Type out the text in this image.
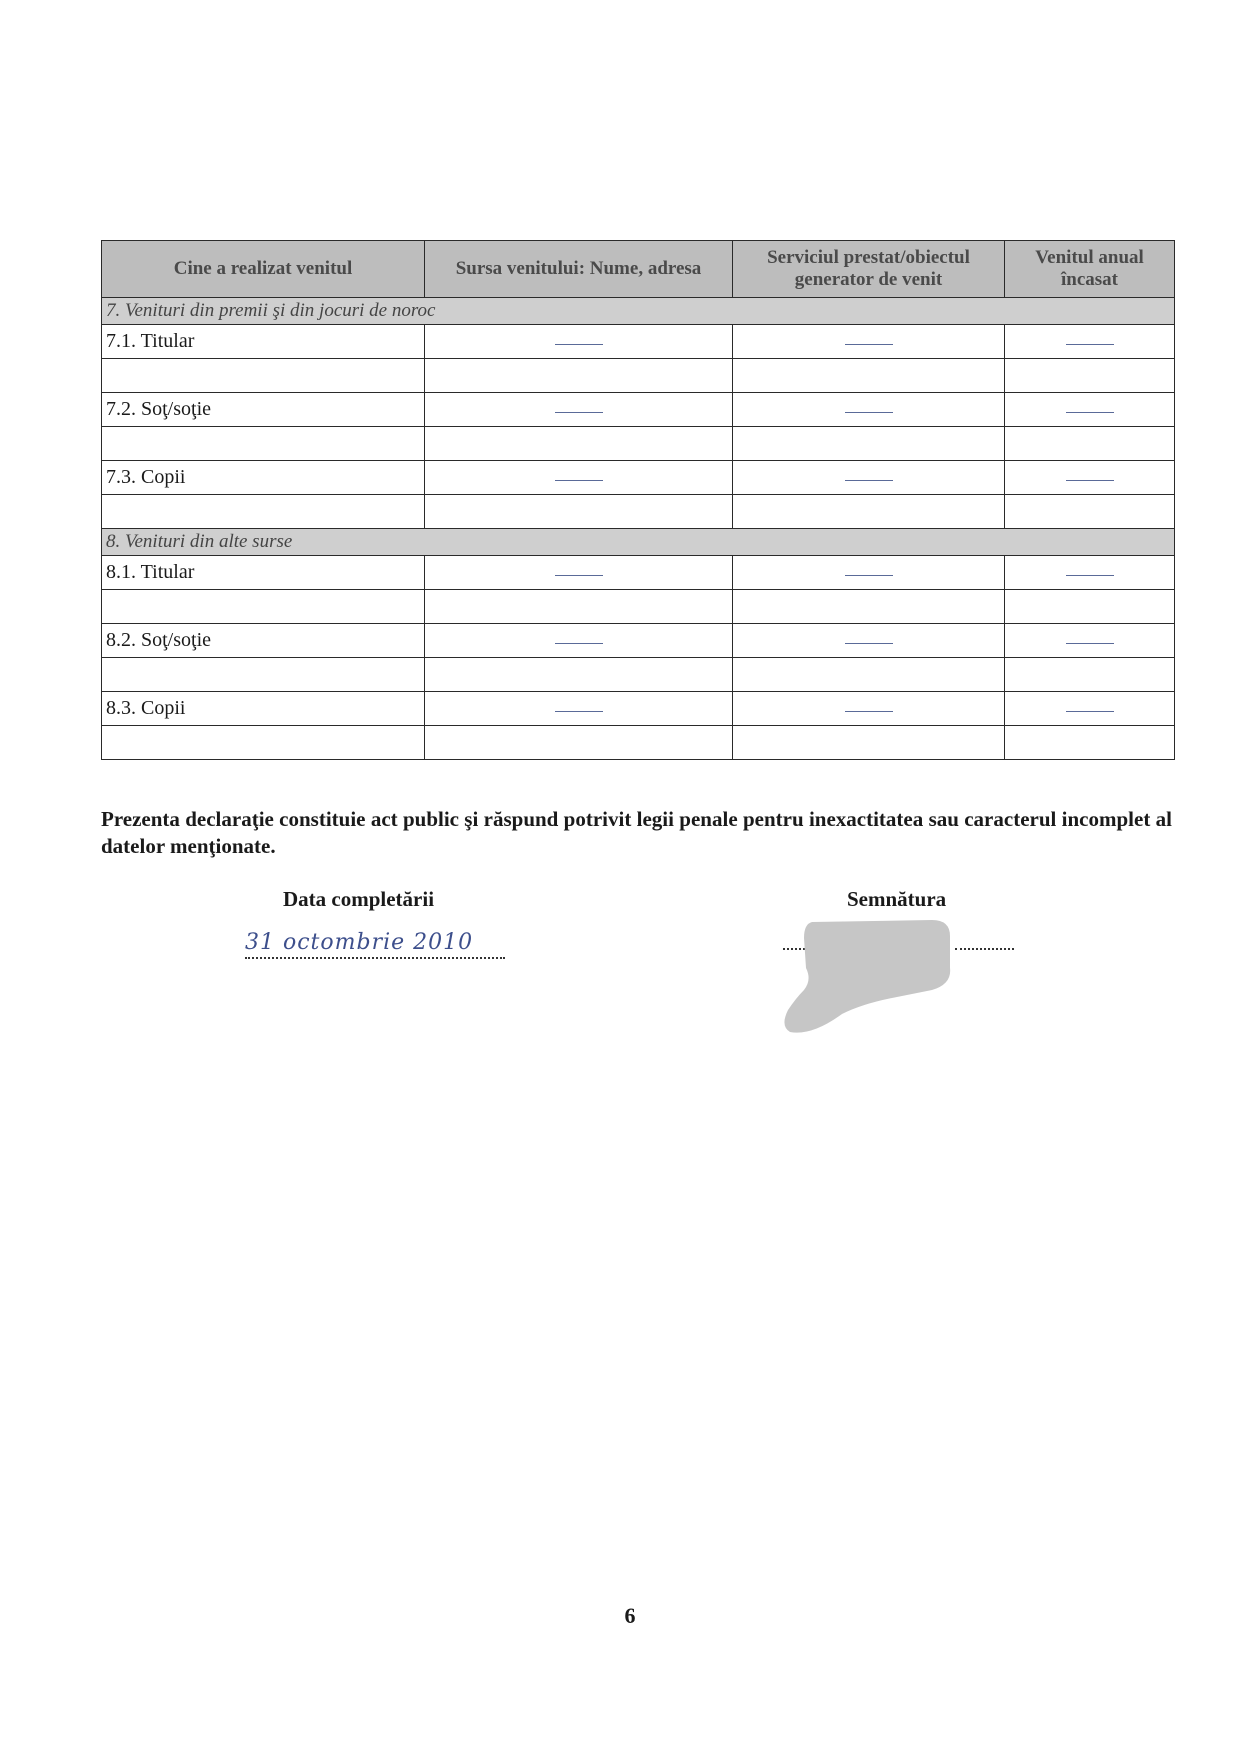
Cine a realizat venitul	Sursa venitului: Nume, adresa	Serviciul prestat/obiectul generator de venit	Venitul anual încasat
7. Venituri din premii şi din jocuri de noroc			
7.1. Titular			

7.2. Soţ/soţie			

7.3. Copii			

8. Venituri din alte surse			
8.1. Titular			

8.2. Soţ/soţie			

8.3. Copii			

Prezenta declaraţie constituie act public şi răspund potrivit legii penale pentru inexactitatea sau caracterul incomplet al datelor menţionate.
Data completării	Semnătura
31 octombrie 2010
6
